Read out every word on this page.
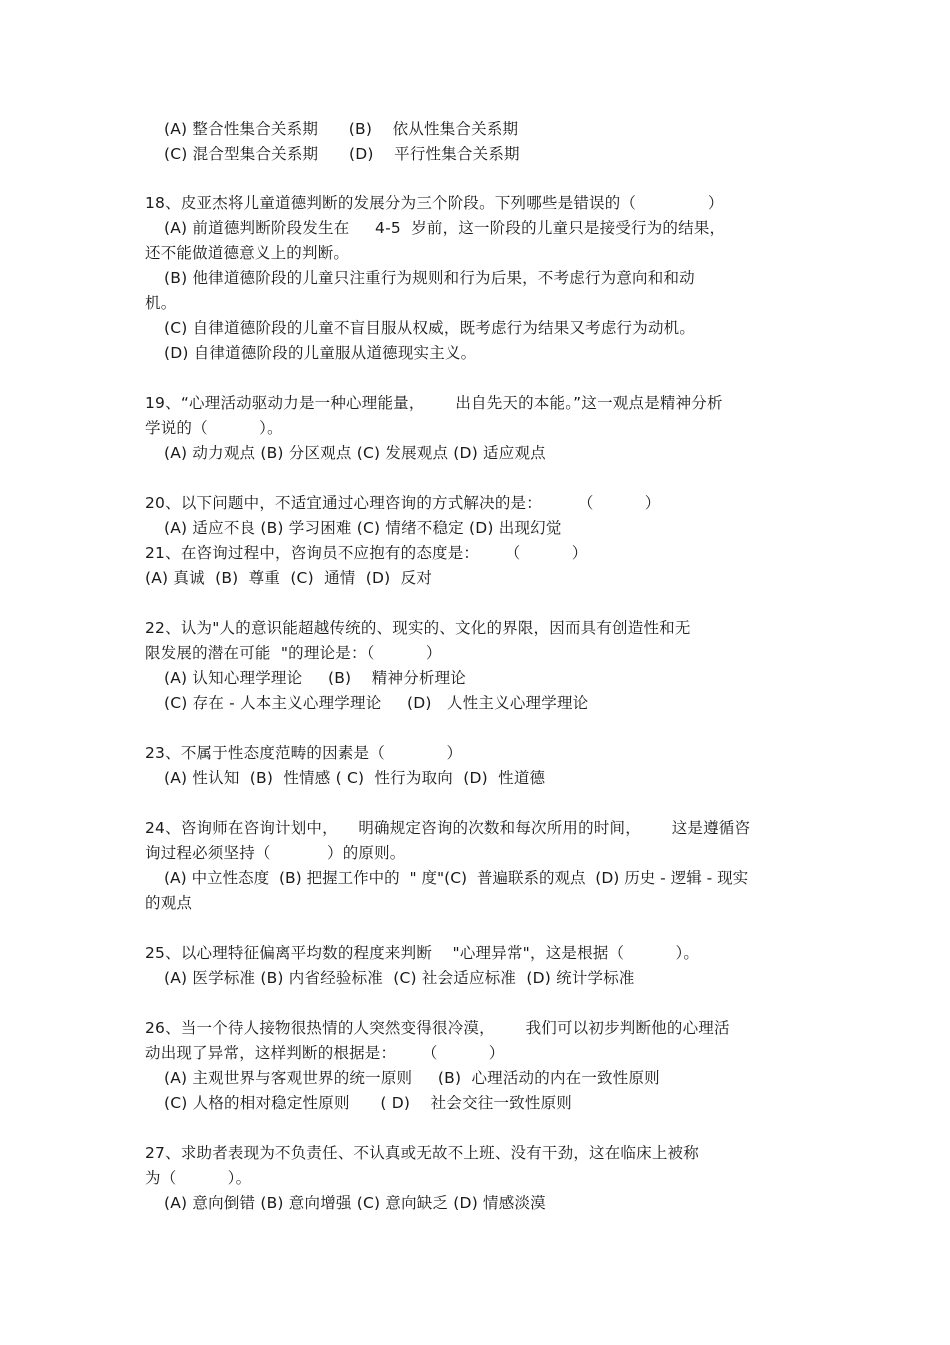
(A) 整合性集合关系期      (B)    依从性集合关系期
(C) 混合型集合关系期      (D)    平行性集合关系期
18、皮亚杰将儿童道德判断的发展分为三个阶段。下列哪些是错误的（              ）
(A) 前道德判断阶段发生在     4-5  岁前，这一阶段的儿童只是接受行为的结果，
还不能做道德意义上的判断。
(B) 他律道德阶段的儿童只注重行为规则和行为后果，不考虑行为意向和和动
机。
(C) 自律道德阶段的儿童不盲目服从权威，既考虑行为结果又考虑行为动机。
(D) 自律道德阶段的儿童服从道德现实主义。
19、“心理活动驱动力是一种心理能量，      出自先天的本能。”这一观点是精神分析
学说的（          ）。
(A) 动力观点 (B) 分区观点 (C) 发展观点 (D) 适应观点
20、以下问题中，不适宜通过心理咨询的方式解决的是：       （          ）
(A) 适应不良 (B) 学习困难 (C) 情绪不稳定 (D) 出现幻觉
21、在咨询过程中，咨询员不应抱有的态度是：     （          ）
(A) 真诚  (B)  尊重  (C)  通情  (D)  反对
22、认为"人的意识能超越传统的、现实的、文化的界限，因而具有创造性和无
限发展的潜在可能  "的理论是：（          ）
(A) 认知心理学理论     (B)    精神分析理论
(C) 存在 - 人本主义心理学理论     (D)   人性主义心理学理论
23、不属于性态度范畴的因素是（            ）
(A) 性认知  (B)  性情感 ( C)  性行为取向  (D)  性道德
24、咨询师在咨询计划中，    明确规定咨询的次数和每次所用的时间，      这是遵循咨
询过程必须坚持（           ）的原则。
(A) 中立性态度  (B) 把握工作中的  " 度"(C)  普遍联系的观点  (D) 历史 - 逻辑 - 现实
的观点
25、以心理特征偏离平均数的程度来判断    "心理异常"，这是根据（          ）。
(A) 医学标准 (B) 内省经验标准  (C) 社会适应标准  (D) 统计学标准
26、当一个待人接物很热情的人突然变得很冷漠，      我们可以初步判断他的心理活
动出现了异常，这样判断的根据是：     （          ）
(A) 主观世界与客观世界的统一原则     (B)  心理活动的内在一致性原则
(C) 人格的相对稳定性原则      ( D)    社会交往一致性原则
27、求助者表现为不负责任、不认真或无故不上班、没有干劲，这在临床上被称
为（          ）。
(A) 意向倒错 (B) 意向增强 (C) 意向缺乏 (D) 情感淡漠
